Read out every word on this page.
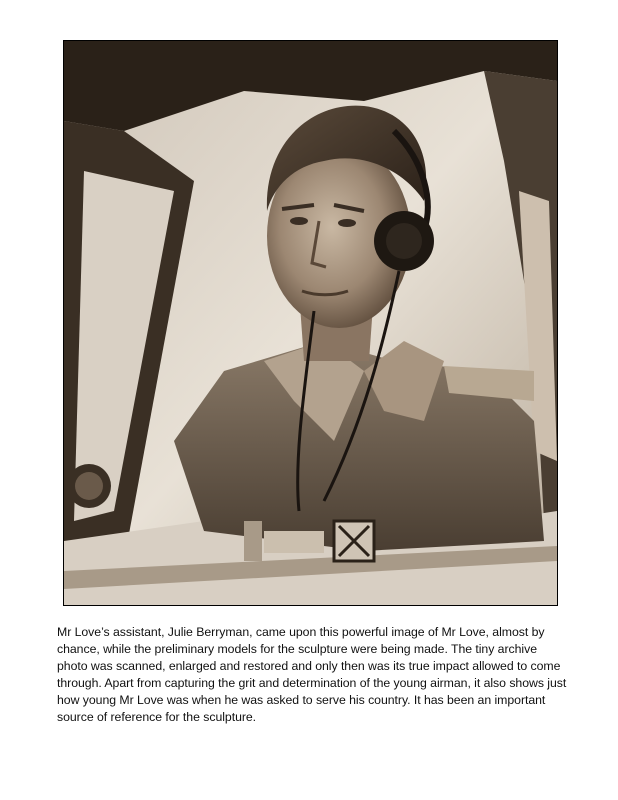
Mr Love’s assistant, Julie Berryman, came upon this powerful image of Mr Love, almost by chance, while the preliminary models for the sculpture were being made. The tiny archive photo was scanned, enlarged and restored and only then was its true impact allowed to come through. Apart from capturing the grit and determination of the young airman, it also shows just how young Mr Love was when he was asked to serve his country. It has been an important source of reference for the sculpture.
